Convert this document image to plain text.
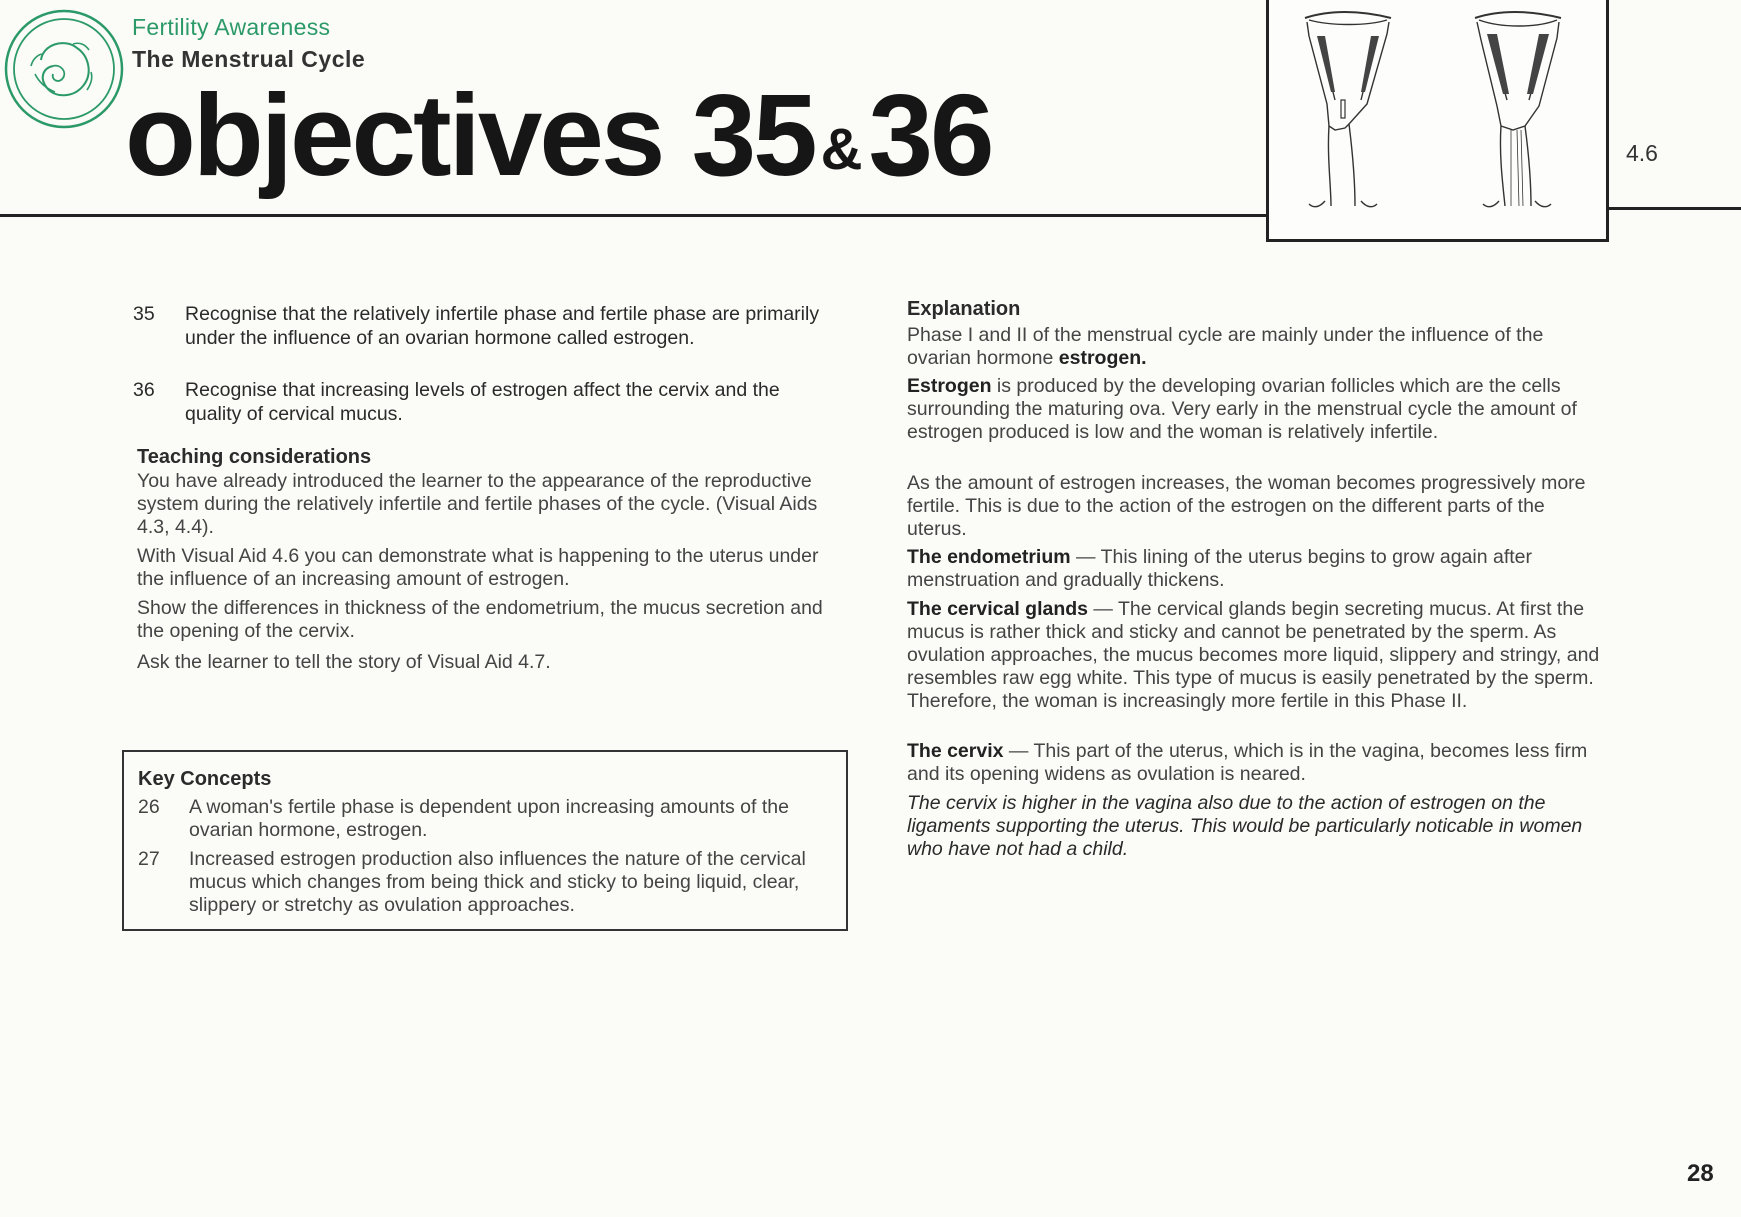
Fertility Awareness
The Menstrual Cycle
objectives 35 &36	4.6
35 Recognise that the relatively infertile phase and fertile phase are primarily under the influence of an ovarian hormone called estrogen.
36 Recognise that increasing levels of estrogen affect the cervix and the quality of cervical mucus.
Teaching considerations
You have already introduced the learner to the appearance of the reproductive system during the relatively infertile and fertile phases of the cycle. (Visual Aids 4.3, 4.4).
With Visual Aid 4.6 you can demonstrate what is happening to the uterus under the influence of an increasing amount of estrogen.
Show the differences in thickness of the endometrium, the mucus secretion and the opening of the cervix.
Ask the learner to tell the story of Visual Aid 4.7.
Key Concepts
26 A woman's fertile phase is dependent upon increasing amounts of the ovarian hormone, estrogen.
27 Increased estrogen production also influences the nature of the cervical mucus which changes from being thick and sticky to being liquid, clear, slippery or stretchy as ovulation approaches.
Explanation
Phase I and II of the menstrual cycle are mainly under the influence of the ovarian hormone estrogen.
Estrogen is produced by the developing ovarian follicles which are the cells surrounding the maturing ova. Very early in the menstrual cycle the amount of estrogen produced is low and the woman is relatively infertile.
As the amount of estrogen increases, the woman becomes progressively more fertile. This is due to the action of the estrogen on the different parts of the uterus.
The endometrium — This lining of the uterus begins to grow again after menstruation and gradually thickens.
The cervical glands — The cervical glands begin secreting mucus. At first the mucus is rather thick and sticky and cannot be penetrated by the sperm. As ovulation approaches, the mucus becomes more liquid, slippery and stringy, and resembles raw egg white. This type of mucus is easily penetrated by the sperm. Therefore, the woman is increasingly more fertile in this Phase II.
The cervix — This part of the uterus, which is in the vagina, becomes less firm and its opening widens as ovulation is neared.
The cervix is higher in the vagina also due to the action of estrogen on the ligaments supporting the uterus. This would be particularly noticable in women who have not had a child.
28
